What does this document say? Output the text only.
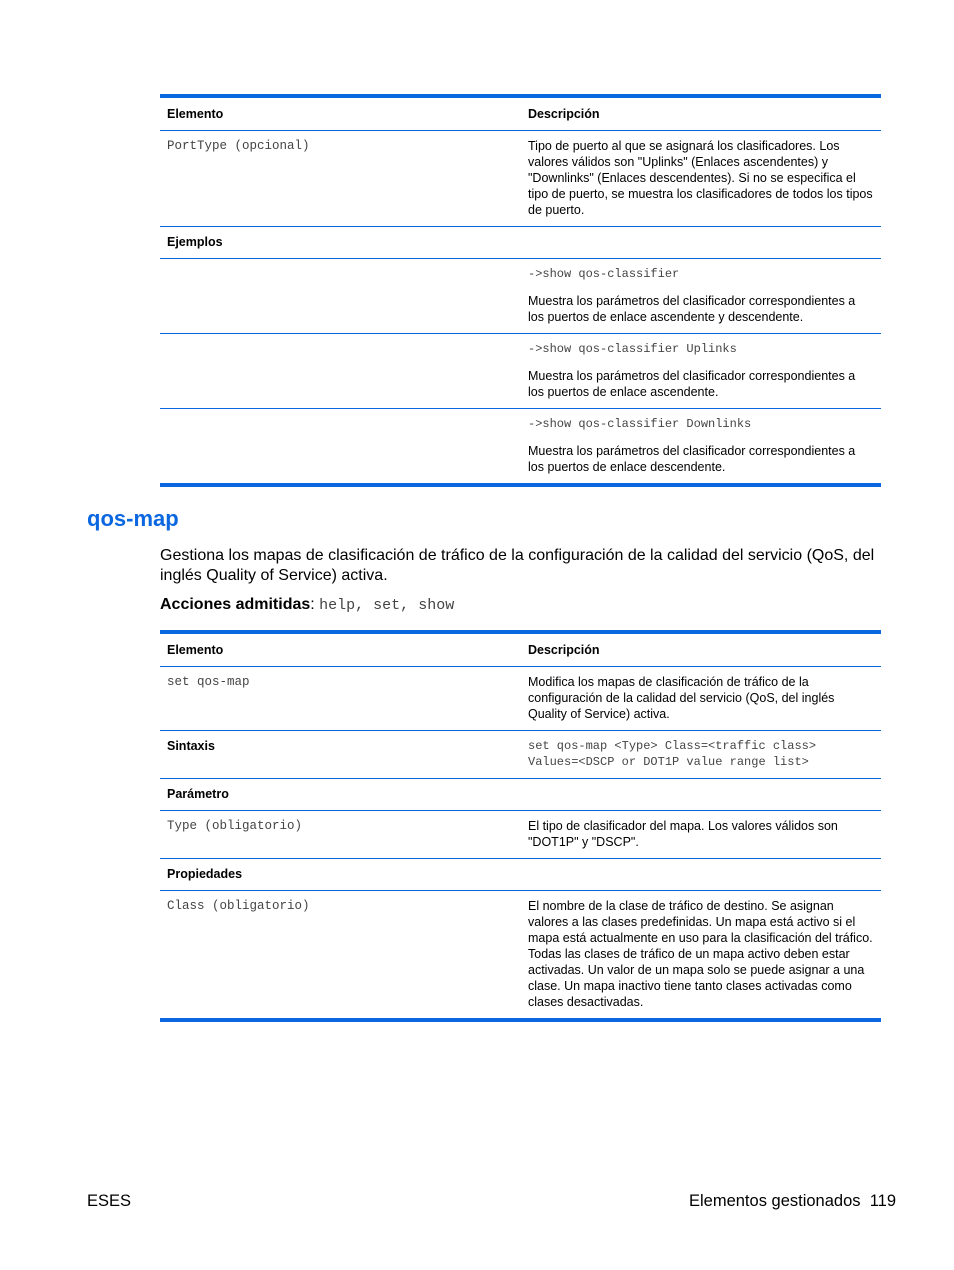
Elemento	Descripción
PortType (opcional)	Tipo de puerto al que se asignará los clasificadores. Los valores válidos son "Uplinks" (Enlaces ascendentes) y "Downlinks" (Enlaces descendentes). Si no se especifica el tipo de puerto, se muestra los clasificadores de todos los tipos de puerto.
Ejemplos	

	->show qos-classifier
Muestra los parámetros del clasificador correspondientes a los puertos de enlace ascendente y descendente.

	->show qos-classifier Uplinks
Muestra los parámetros del clasificador correspondientes a los puertos de enlace ascendente.

	->show qos-classifier Downlinks
Muestra los parámetros del clasificador correspondientes a los puertos de enlace descendente.
qos-map

Gestiona los mapas de clasificación de tráfico de la configuración de la calidad del servicio (QoS, del inglés Quality of Service) activa.

Acciones admitidas: help, set, show

Elemento	Descripción
set qos-map	Modifica los mapas de clasificación de tráfico de la configuración de la calidad del servicio (QoS, del inglés Quality of Service) activa.
Sintaxis	set qos-map <Type> Class=<traffic class>
Values=<DSCP or DOT1P value range list>

Parámetro	
Type (obligatorio)	El tipo de clasificador del mapa. Los valores válidos son "DOT1P" y "DSCP".
Propiedades	
Class (obligatorio)	El nombre de la clase de tráfico de destino. Se asignan valores a las clases predefinidas. Un mapa está activo si el mapa está actualmente en uso para la clasificación del tráfico. Todas las clases de tráfico de un mapa activo deben estar activadas. Un valor de un mapa solo se puede asignar a una clase. Un mapa inactivo tiene tanto clases activadas como clases desactivadas.
ESES	Elementos gestionados 119
